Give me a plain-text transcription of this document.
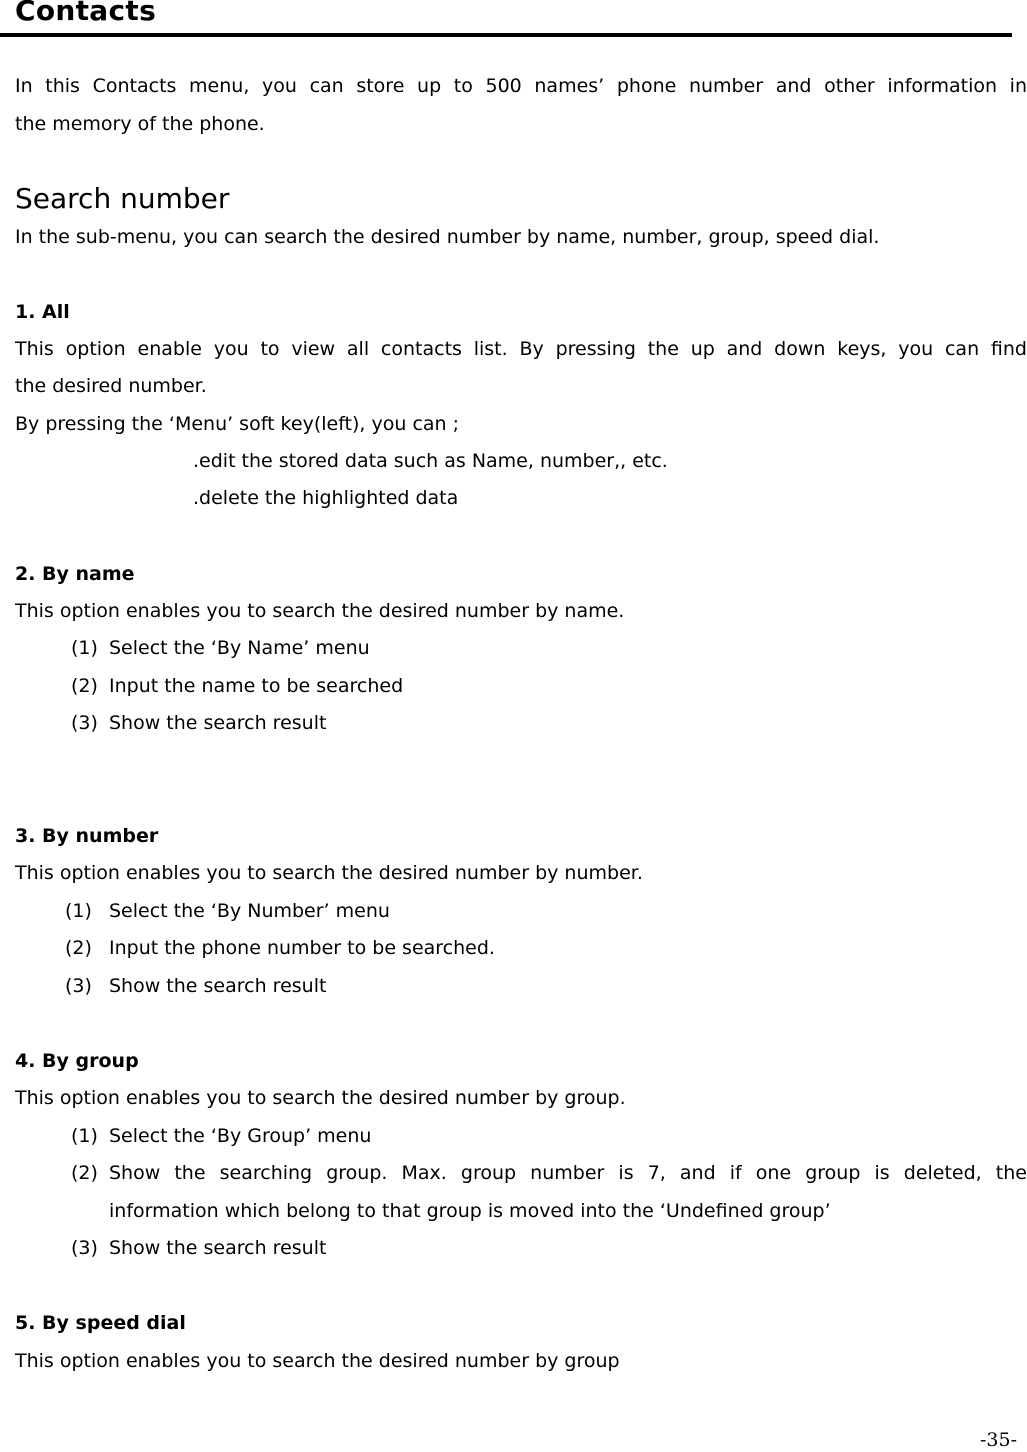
Contacts
In this Contacts menu, you can store up to 500 names’ phone number and other information in
the memory of the phone.
Search number
In the sub-menu, you can search the desired number by name, number, group, speed dial.
1. All
This option enable you to view all contacts list. By pressing the up and down keys, you can find
the desired number.
By pressing the ‘Menu’ soft key(left), you can ;
.edit the stored data such as Name, number,, etc.
.delete the highlighted data
2. By name
This option enables you to search the desired number by name.
(1) Select the ‘By Name’ menu
(2) Input the name to be searched
(3) Show the search result
3. By number
This option enables you to search the desired number by number.
(1) Select the ‘By Number’ menu
(2) Input the phone number to be searched.
(3) Show the search result
4. By group
This option enables you to search the desired number by group.
(1) Select the ‘By Group’ menu
(2) Show the searching group. Max. group number is 7, and if one group is deleted, the
information which belong to that group is moved into the ‘Undefined group’
(3) Show the search result
5. By speed dial
This option enables you to search the desired number by group
-35-
